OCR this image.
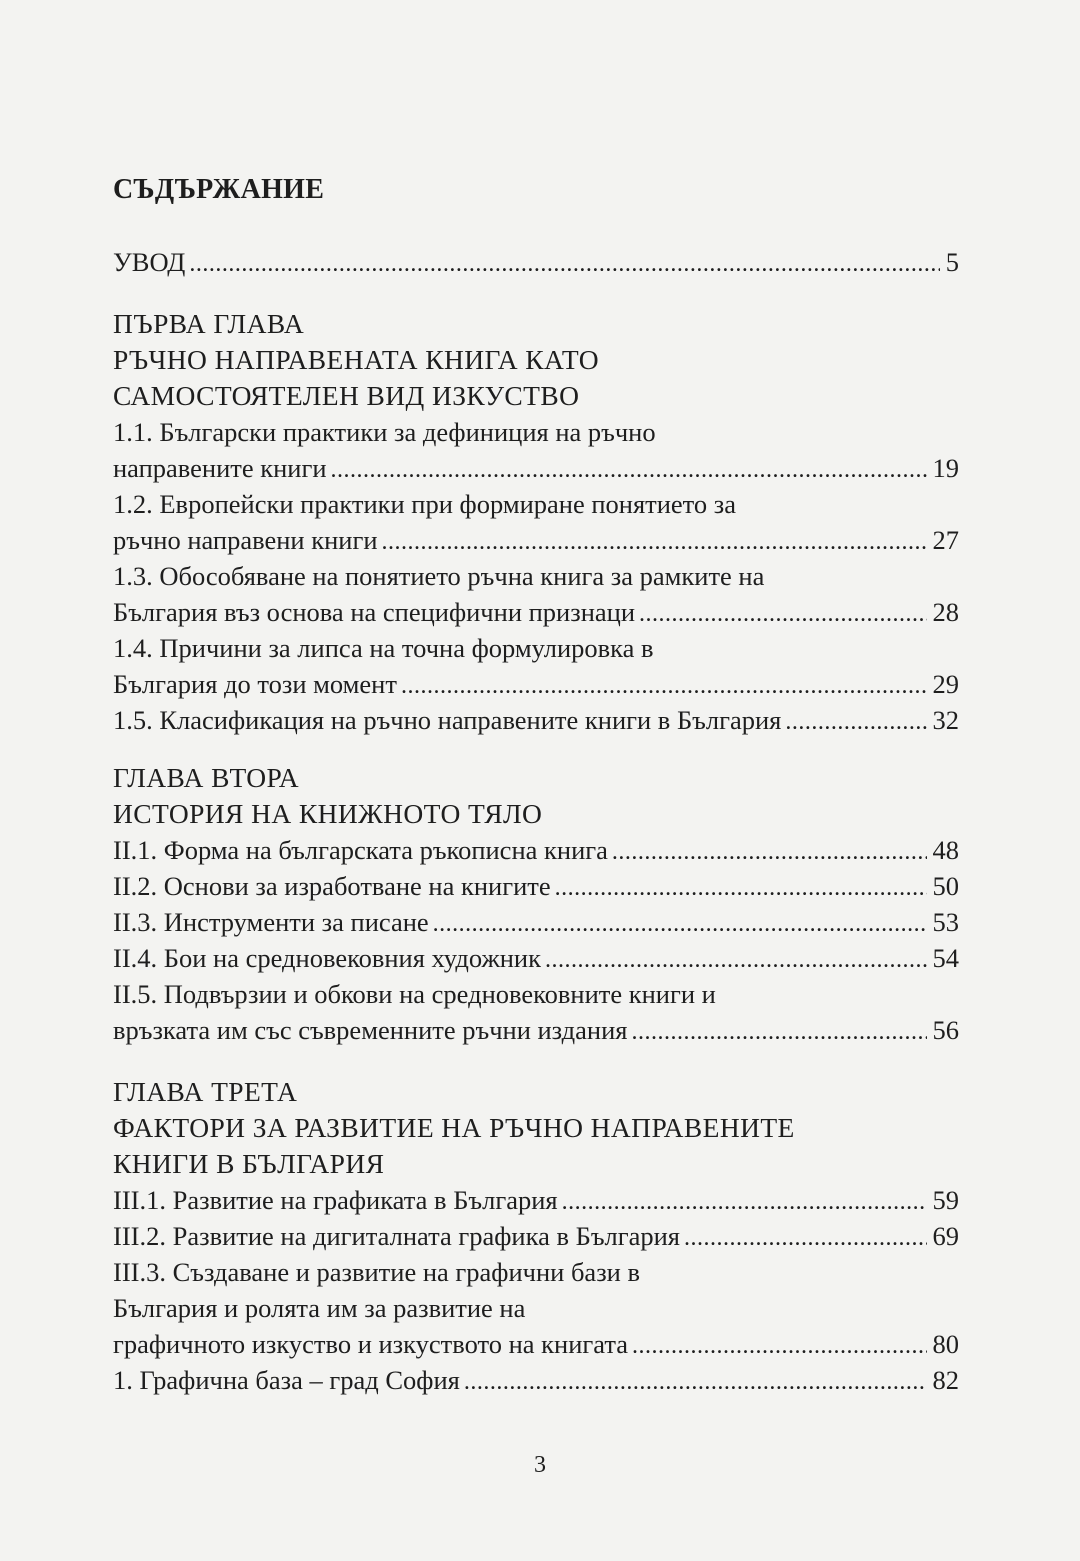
СЪДЪРЖАНИЕ
УВОД .....	5
ПЪРВА ГЛАВА
РЪЧНО НАПРАВЕНАТА КНИГА КАТО
САМОСТОЯТЕЛЕН ВИД ИЗКУСТВО
1.1. Български практики за дефиниция на ръчно
направените книги .....	19
1.2. Европейски практики при формиране понятието за
ръчно направени книги .....	27
1.3. Обособяване на понятието ръчна книга за рамките на
България въз основа на специфични признаци .....	28
1.4. Причини за липса на точна формулировка в
България до този момент .....	29
1.5. Класификация на ръчно направените книги в България .....	32
ГЛАВА ВТОРА
ИСТОРИЯ НА КНИЖНОТО ТЯЛО
II.1. Форма на българската ръкописна книга .....	48
II.2. Основи за изработване на книгите .....	50
II.3. Инструменти за писане .....	53
II.4. Бои на средновековния художник .....	54
II.5. Подвързии и обкови на средновековните книги и
връзката им със съвременните ръчни издания .....	56
ГЛАВА ТРЕТА
ФАКТОРИ ЗА РАЗВИТИЕ НА РЪЧНО НАПРАВЕНИТЕ
КНИГИ В БЪЛГАРИЯ
III.1. Развитие на графиката в България .....	59
III.2. Развитие на дигиталната графика в България .....	69
III.3. Създаване и развитие на графични бази в
България и ролята им за развитие на
графичното изкуство и изкуството на книгата .....	80
1. Графична база – град София .....	82
3
